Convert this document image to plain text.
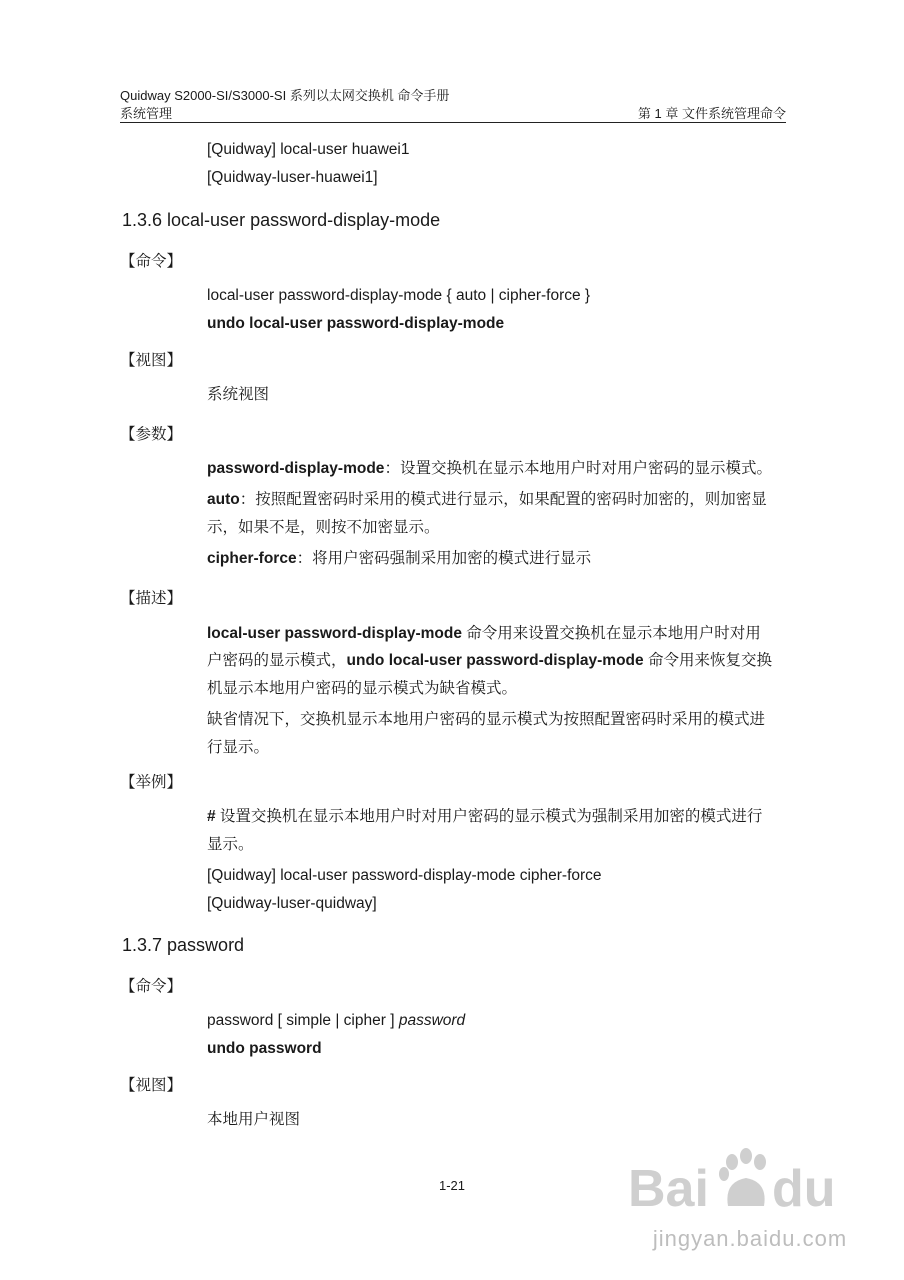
Quidway S2000-SI/S3000-SI 系列以太网交换机 命令手册
系统管理	第 1 章 文件系统管理命令
[Quidway] local-user huawei1
[Quidway-luser-huawei1]
1.3.6 local-user password-display-mode
【命令】
local-user password-display-mode { auto | cipher-force }
undo local-user password-display-mode
【视图】
系统视图
【参数】
password-display-mode：设置交换机在显示本地用户时对用户密码的显示模式。
auto：按照配置密码时采用的模式进行显示，如果配置的密码时加密的，则加密显
示，如果不是，则按不加密显示。
cipher-force：将用户密码强制采用加密的模式进行显示
【描述】
local-user password-display-mode 命令用来设置交换机在显示本地用户时对用
户密码的显示模式，undo local-user password-display-mode 命令用来恢复交换
机显示本地用户密码的显示模式为缺省模式。
缺省情况下，交换机显示本地用户密码的显示模式为按照配置密码时采用的模式进
行显示。
【举例】
# 设置交换机在显示本地用户时对用户密码的显示模式为强制采用加密的模式进行
显示。
[Quidway] local-user password-display-mode cipher-force
[Quidway-luser-quidway]
1.3.7 password
【命令】
password [ simple | cipher ] password
undo password
【视图】
本地用户视图
1-21	Bai du
jingyan.baidu.com
